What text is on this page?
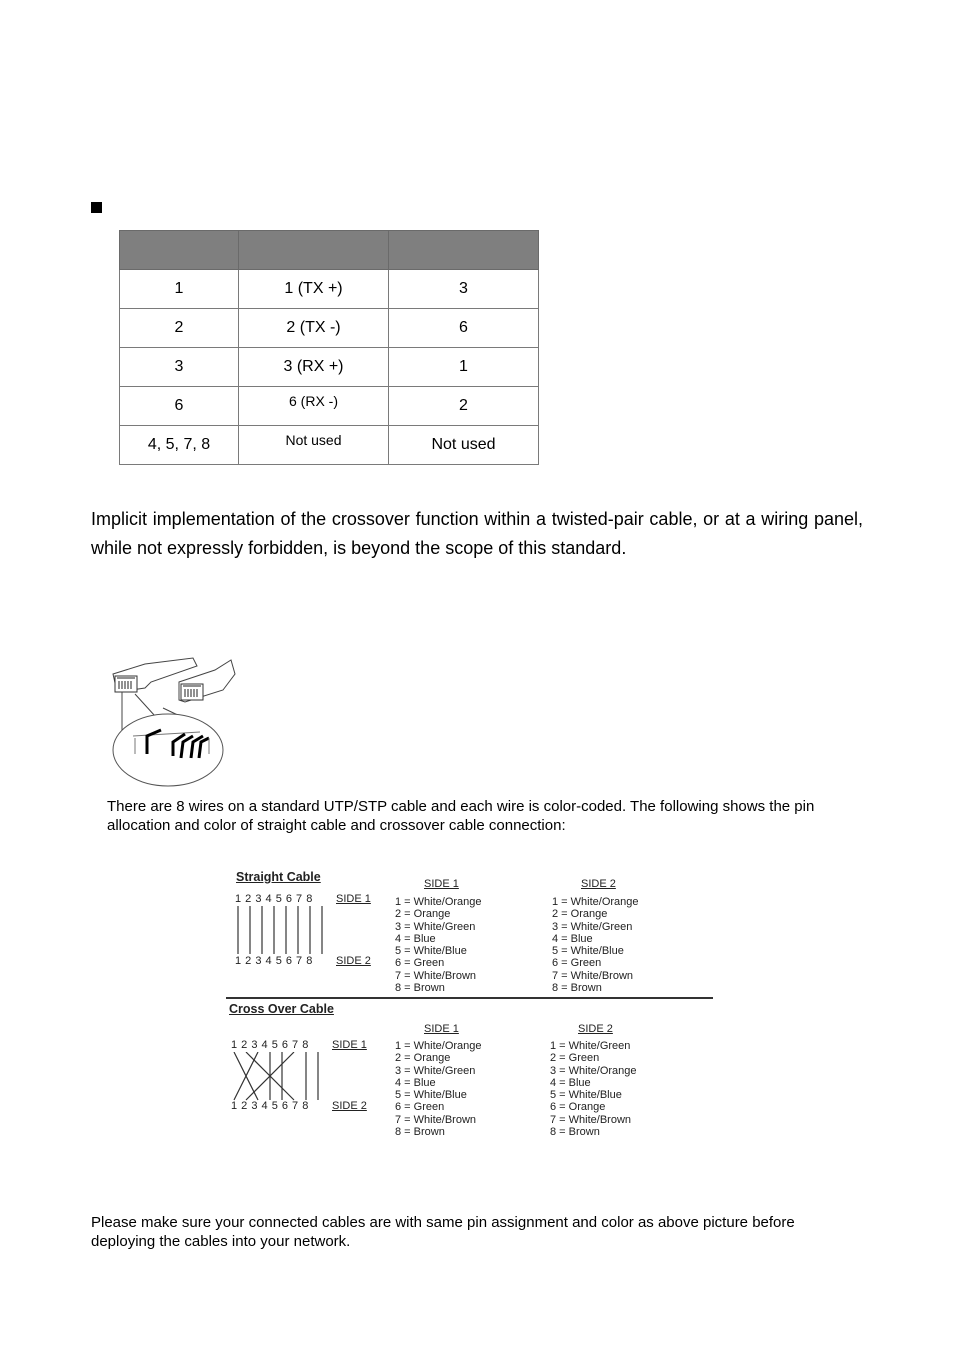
1	1 (TX +)	3
2	2 (TX -)	6
3	3 (RX +)	1
6	6 (RX -)	2
4, 5, 7, 8	Not used	Not used
Implicit implementation of the crossover function within a twisted-pair cable, or at a wiring panel, while not expressly forbidden, is beyond the scope of this standard.
There are 8 wires on a standard UTP/STP cable and each wire is color-coded. The following shows the pin allocation and color of straight cable and crossover cable connection:
Straight Cable
1 2 3 4 5 6 7 8 SIDE 1
1 2 3 4 5 6 7 8 SIDE 2
SIDE 1	SIDE 2
1 = White/Orange
2 = Orange
3 = White/Green
4 = Blue
5 = White/Blue
6 = Green
7 = White/Brown
8 = Brown
1 = White/Orange
2 = Orange
3 = White/Green
4 = Blue
5 = White/Blue
6 = Green
7 = White/Brown
8 = Brown
Cross Over Cable
1 2 3 4 5 6 7 8 SIDE 1
1 2 3 4 5 6 7 8 SIDE 2
SIDE 1	SIDE 2
1 = White/Orange
2 = Orange
3 = White/Green
4 = Blue
5 = White/Blue
6 = Green
7 = White/Brown
8 = Brown
1 = White/Green
2 = Green
3 = White/Orange
4 = Blue
5 = White/Blue
6 = Orange
7 = White/Brown
8 = Brown
Please make sure your connected cables are with same pin assignment and color as above picture before deploying the cables into your network.
